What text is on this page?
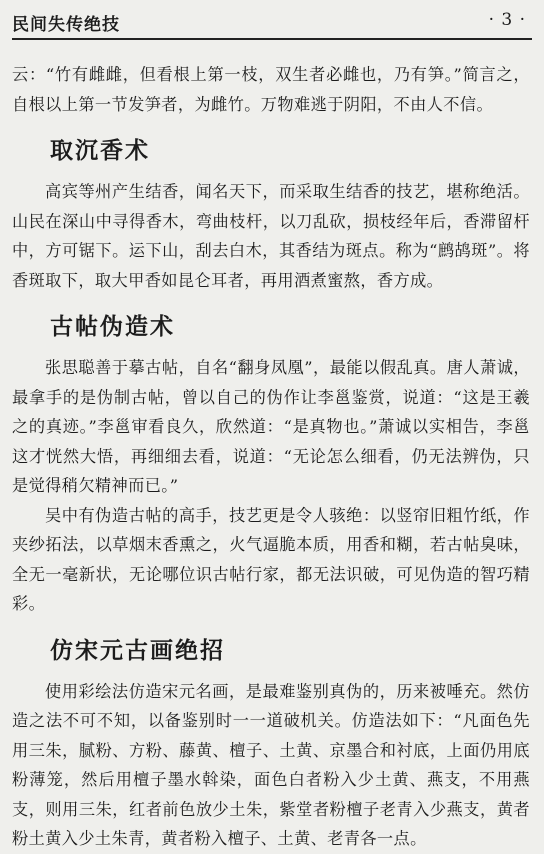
民间失传绝技	· 3 ·

云：“竹有雌雌，但看根上第一枝，双生者必雌也，乃有笋。”简言之，自根以上第一节发笋者，为雌竹。万物难逃于阴阳，不由人不信。

取沉香术

高宾等州产生结香，闻名天下，而采取生结香的技艺，堪称绝活。山民在深山中寻得香木，弯曲枝杆，以刀乱砍，损枝经年后，香滞留杆中，方可锯下。运下山，刮去白木，其香结为斑点。称为“鹧鸪斑”。将香斑取下，取大甲香如昆仑耳者，再用酒煮蜜熬，香方成。

古帖伪造术

张思聪善于摹古帖，自名“翻身凤凰”，最能以假乱真。唐人萧诚，最拿手的是伪制古帖，曾以自己的伪作让李邕鉴赏，说道：“这是王羲之的真迹。”李邕审看良久，欣然道：“是真物也。”萧诚以实相告，李邕这才恍然大悟，再细细去看，说道：“无论怎么细看，仍无法辨伪，只是觉得稍欠精神而已。”

吴中有伪造古帖的高手，技艺更是令人骇绝：以竖帘旧粗竹纸，作夹纱拓法，以草烟末香熏之，火气逼脆本质，用香和糊，若古帖臭味，全无一毫新状，无论哪位识古帖行家，都无法识破，可见伪造的智巧精彩。

仿宋元古画绝招

使用彩绘法仿造宋元名画，是最难鉴别真伪的，历来被唾充。然仿造之法不可不知，以备鉴别时一一道破机关。仿造法如下：“凡面色先用三朱，腻粉、方粉、藤黄、檀子、土黄、京墨合和衬底，上面仍用底粉薄笼，然后用檀子墨水斡染，面色白者粉入少土黄、燕支，不用燕支，则用三朱，红者前色放少土朱，紫堂者粉檀子老青入少燕支，黄者粉土黄入少土朱青，黄者粉入檀子、土黄、老青各一点。
